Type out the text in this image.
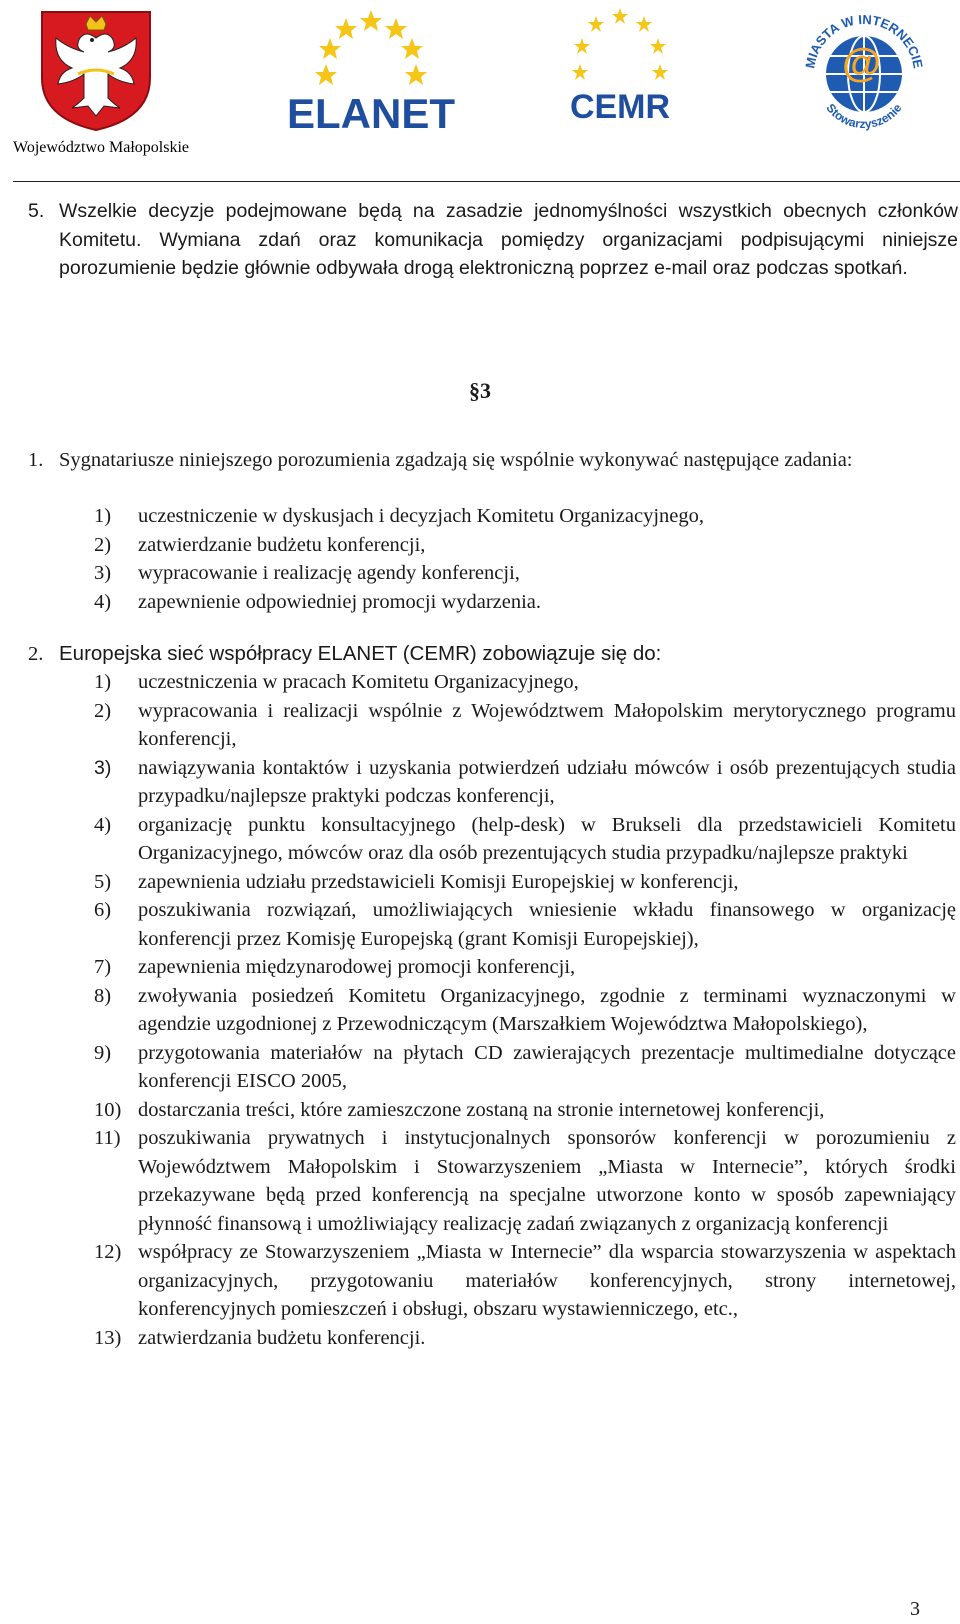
Województwo Małopolskie
ELANET	CEMR
@
MIASTA W INTERNECIE
Stowarzyszenie
5. Wszelkie decyzje podejmowane będą na zasadzie jednomyślności wszystkich obecnych członków Komitetu. Wymiana zdań oraz komunikacja pomiędzy organizacjami podpisującymi niniejsze porozumienie będzie głównie odbywała drogą elektroniczną poprzez e-mail oraz podczas spotkań.
§3
1. Sygnatariusze niniejszego porozumienia zgadzają się wspólnie wykonywać następujące zadania:
1) uczestniczenie w dyskusjach i decyzjach Komitetu Organizacyjnego,
2) zatwierdzanie budżetu konferencji,
3) wypracowanie i realizację agendy konferencji,
4) zapewnienie odpowiedniej promocji wydarzenia.
2. Europejska sieć współpracy ELANET (CEMR) zobowiązuje się do:
1) uczestniczenia w pracach Komitetu Organizacyjnego,
2) wypracowania i realizacji wspólnie z Województwem Małopolskim merytorycznego programu konferencji,
3) nawiązywania kontaktów i uzyskania potwierdzeń udziału mówców i osób prezentujących studia przypadku/najlepsze praktyki podczas konferencji,
4) organizację punktu konsultacyjnego (help-desk) w Brukseli dla przedstawicieli Komitetu Organizacyjnego, mówców oraz dla osób prezentujących studia przypadku/najlepsze praktyki
5) zapewnienia udziału przedstawicieli Komisji Europejskiej w konferencji,
6) poszukiwania rozwiązań, umożliwiających wniesienie wkładu finansowego w organizację konferencji przez Komisję Europejską (grant Komisji Europejskiej),
7) zapewnienia międzynarodowej promocji konferencji,
8) zwoływania posiedzeń Komitetu Organizacyjnego, zgodnie z terminami wyznaczonymi w agendzie uzgodnionej z Przewodniczącym (Marszałkiem Województwa Małopolskiego),
9) przygotowania materiałów na płytach CD zawierających prezentacje multimedialne dotyczące konferencji EISCO 2005,
10) dostarczania treści, które zamieszczone zostaną na stronie internetowej konferencji,
11) poszukiwania prywatnych i instytucjonalnych sponsorów konferencji w porozumieniu z Województwem Małopolskim i Stowarzyszeniem „Miasta w Internecie”, których środki przekazywane będą przed konferencją na specjalne utworzone konto w sposób zapewniający płynność finansową i umożliwiający realizację zadań związanych z organizacją konferencji
12) współpracy ze Stowarzyszeniem „Miasta w Internecie” dla wsparcia stowarzyszenia w aspektach organizacyjnych, przygotowaniu materiałów konferencyjnych, strony internetowej, konferencyjnych pomieszczeń i obsługi, obszaru wystawienniczego, etc.,
13) zatwierdzania budżetu konferencji.
3
